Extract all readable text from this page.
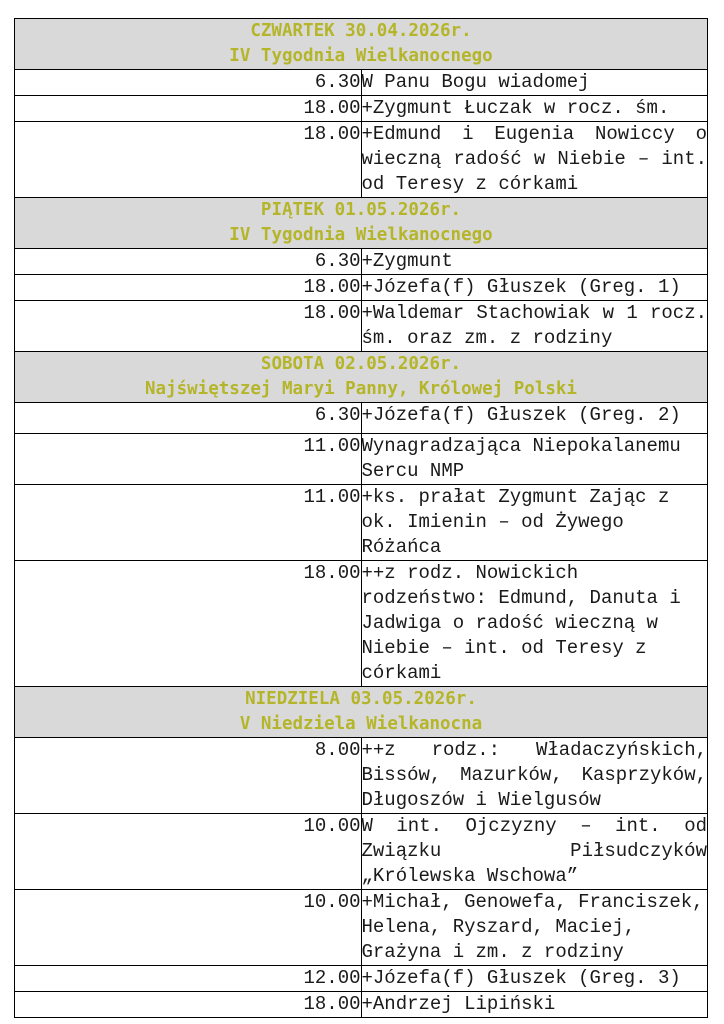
CZWARTEK 30.04.2026r.
IV Tygodnia Wielkanocnego	

6.30	W Panu Bogu wiadomej
18.00	+Zygmunt Łuczak w rocz. śm.
18.00	+Edmund i Eugenia Nowiccy o wieczną radość w Niebie – int. od Teresy z córkami

PIĄTEK 01.05.2026r.
IV Tygodnia Wielkanocnego	

6.30	+Zygmunt
18.00	+Józefa(f) Głuszek (Greg. 1)
18.00	+Waldemar Stachowiak w 1 rocz. śm. oraz zm. z rodziny

SOBOTA 02.05.2026r.
Najświętszej Maryi Panny, Królowej Polski	

6.30	+Józefa(f) Głuszek (Greg. 2)
11.00	Wynagradzająca Niepokalanemu Sercu NMP
11.00	+ks. prałat Zygmunt Zając z ok. Imienin – od Żywego Różańca
18.00	++z rodz. Nowickich rodzeństwo: Edmund, Danuta i Jadwiga o radość wieczną w Niebie – int. od Teresy z córkami

NIEDZIELA 03.05.2026r.
V Niedziela Wielkanocna	

8.00	++z rodz.: Władaczyńskich, Bissów, Mazurków, Kasprzyków, Długoszów i Wielgusów
10.00	W int. Ojczyzny – int. od Związku Piłsudczyków „Królewska Wschowa”
10.00	+Michał, Genowefa, Franciszek, Helena, Ryszard, Maciej, Grażyna i zm. z rodziny
12.00	+Józefa(f) Głuszek (Greg. 3)
18.00	+Andrzej Lipiński
